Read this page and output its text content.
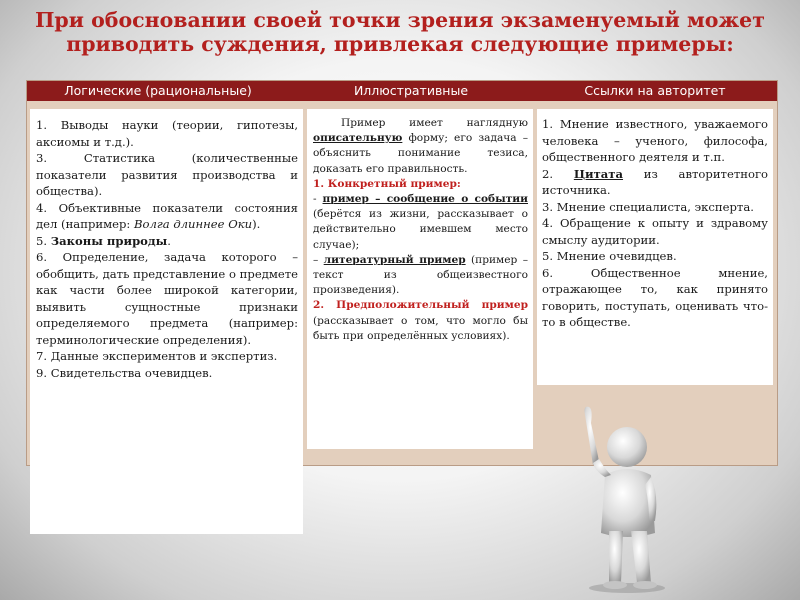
При обосновании своей точки зрения экзаменуемый может
приводить суждения, привлекая следующие примеры:
Логические (рациональные)	Иллюстративные	Ссылки на авторитет

1. Выводы науки (теории, гипотезы, аксиомы и т.д.).

3. Статистика (количественные показатели развития производства и общества).

4. Объективные показатели состояния дел (например: Волга длиннее Оки).

5. Законы природы.

6. Определение, задача которого – обобщить, дать представление о предмете как части более широкой категории, выявить сущностные признаки определяемого предмета (например: терминологические определения).

7. Данные экспериментов и экспертиз.

9. Свидетельства очевидцев.

Пример имеет наглядную описательную форму; его задача – объяснить понимание тезиса, доказать его правильность.

1. Конкретный пример:

- пример – сообщение о событии (берётся из жизни, рассказывает о действительно имевшем место случае);

– литературный пример (пример – текст из общеизвестного произведения).

2. Предположительный пример (рассказывает о том, что могло бы быть при определённых условиях).

1. Мнение известного, уважаемого человека – ученого, философа, общественного деятеля и т.п.

2. Цитата из авторитетного источника.

3. Мнение специалиста, эксперта.

4. Обращение к опыту и здравому смыслу аудитории.

5. Мнение очевидцев.

6. Общественное мнение, отражающее то, как принято говорить, поступать, оценивать что-то в обществе.
